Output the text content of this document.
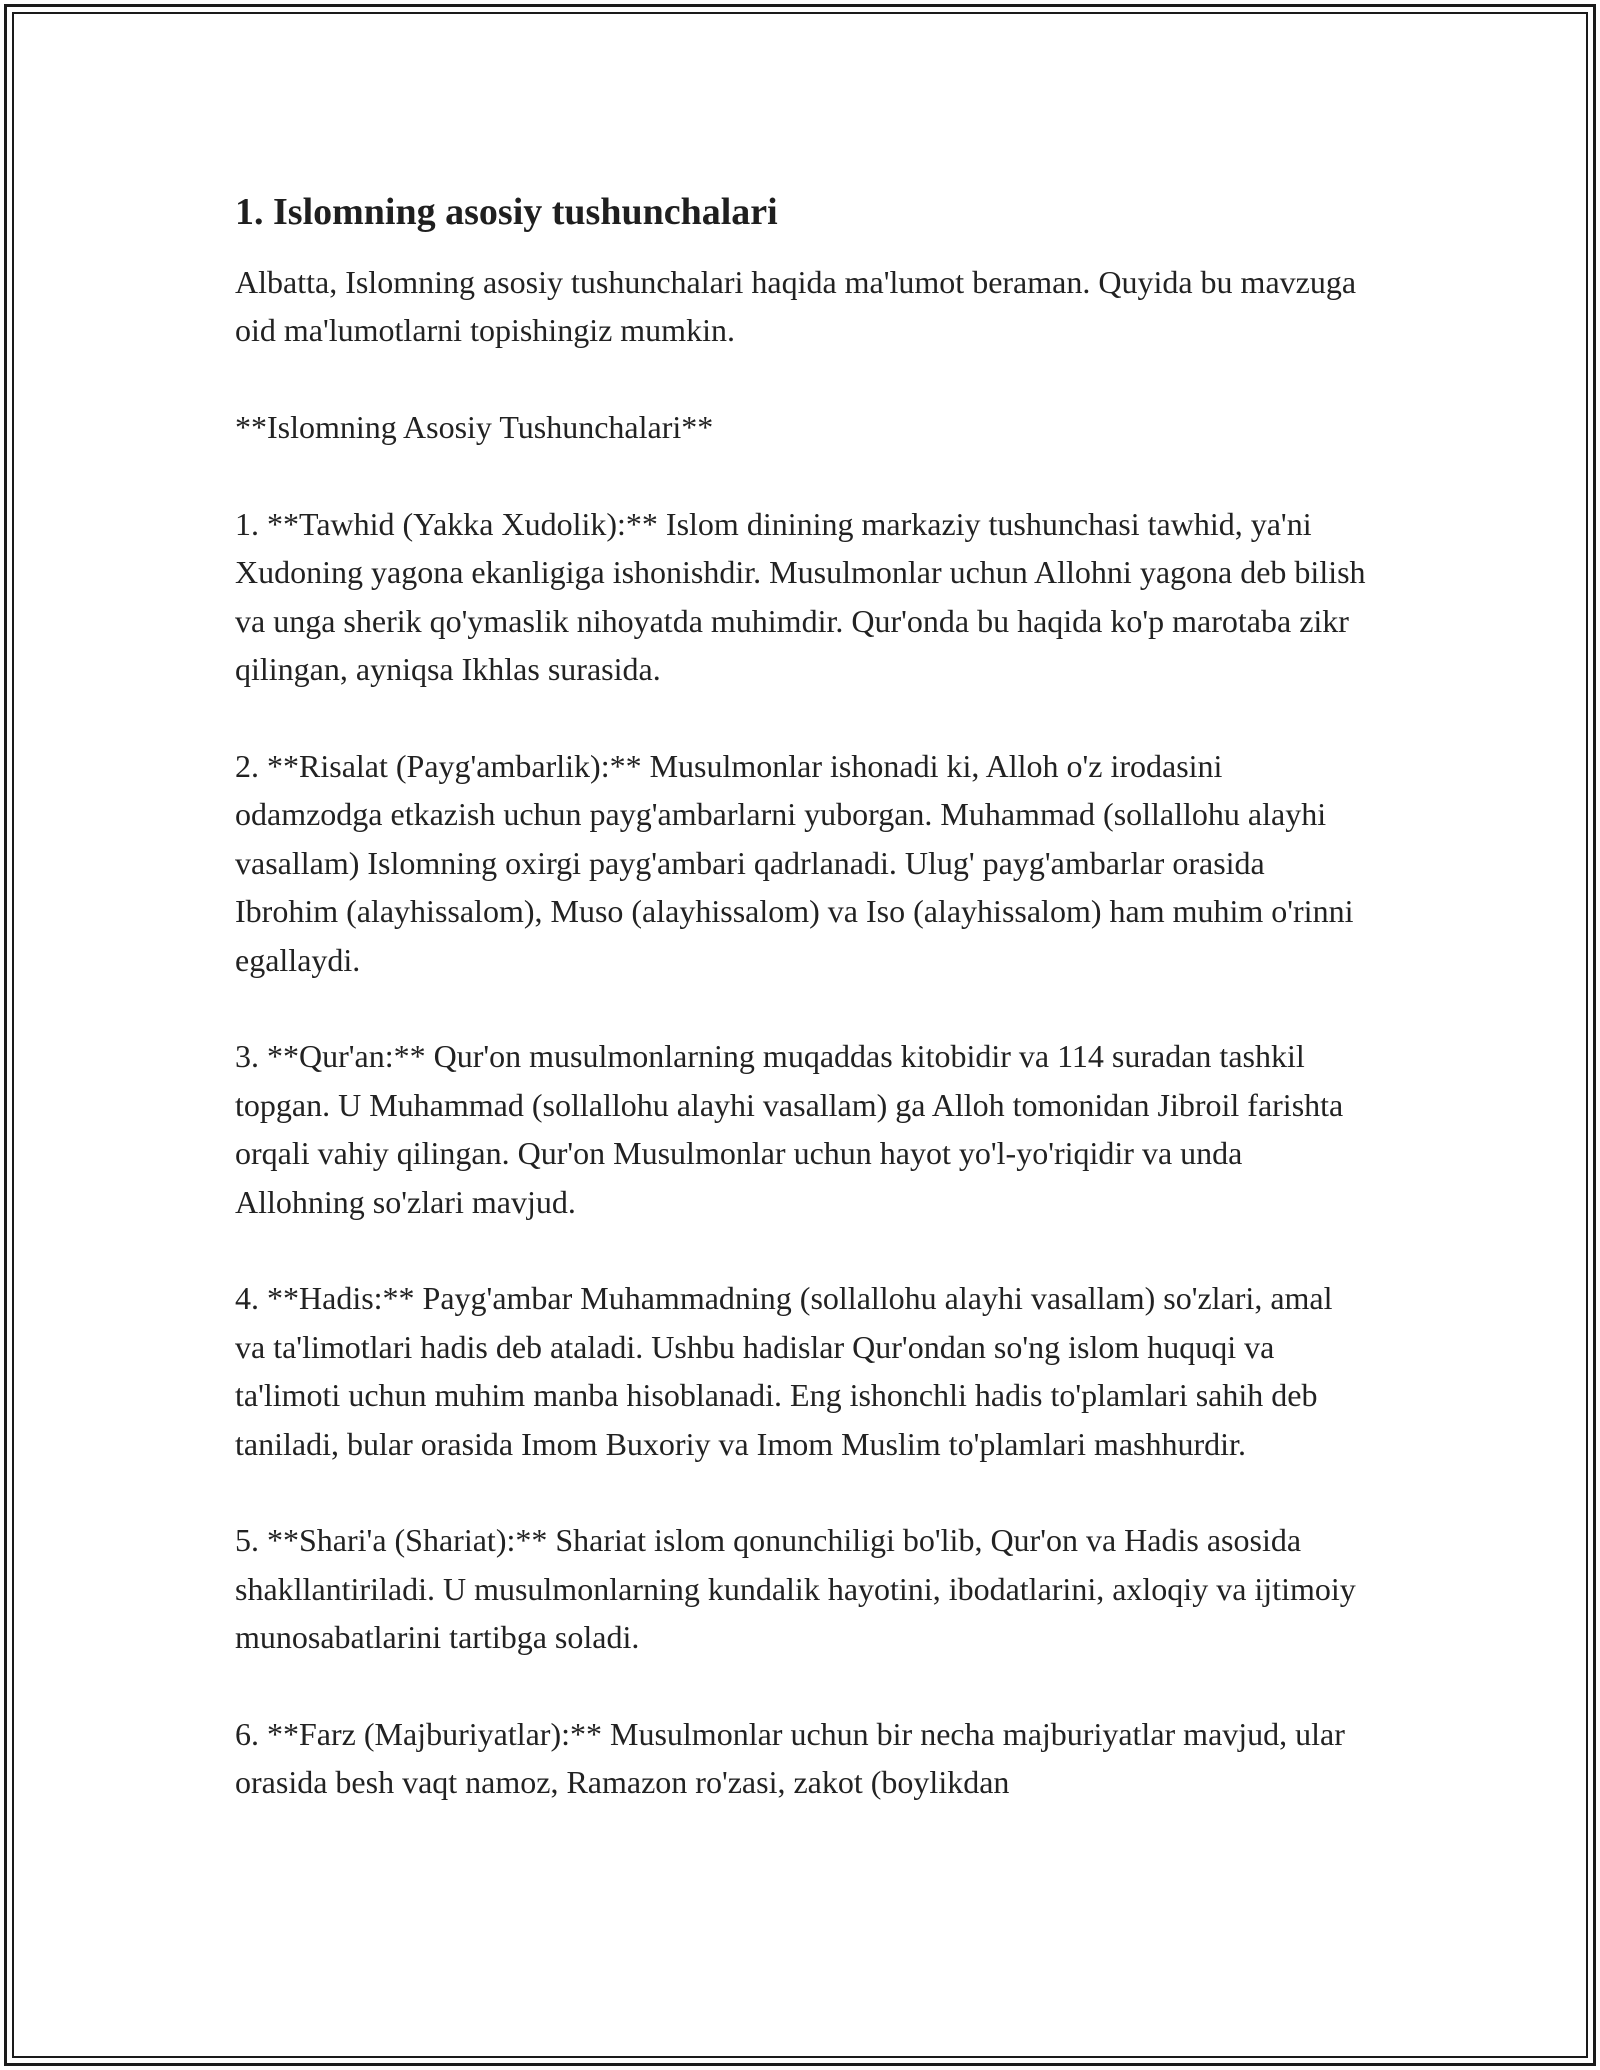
1. Islomning asosiy tushunchalari

Albatta, Islomning asosiy tushunchalari haqida ma'lumot beraman. Quyida bu mavzuga oid ma'lumotlarni topishingiz mumkin.

**Islomning Asosiy Tushunchalari**

1. **Tawhid (Yakka Xudolik):** Islom dinining markaziy tushunchasi tawhid, ya'ni Xudoning yagona ekanligiga ishonishdir. Musulmonlar uchun Allohni yagona deb bilish va unga sherik qo'ymaslik nihoyatda muhimdir. Qur'onda bu haqida ko'p marotaba zikr qilingan, ayniqsa Ikhlas surasida.

2. **Risalat (Payg'ambarlik):** Musulmonlar ishonadi ki, Alloh o'z irodasini odamzodga etkazish uchun payg'ambarlarni yuborgan. Muhammad (sollallohu alayhi vasallam) Islomning oxirgi payg'ambari qadrlanadi. Ulug' payg'ambarlar orasida Ibrohim (alayhissalom), Muso (alayhissalom) va Iso (alayhissalom) ham muhim o'rinni egallaydi.

3. **Qur'an:** Qur'on musulmonlarning muqaddas kitobidir va 114 suradan tashkil topgan. U Muhammad (sollallohu alayhi vasallam) ga Alloh tomonidan Jibroil farishta orqali vahiy qilingan. Qur'on Musulmonlar uchun hayot yo'l-yo'riqidir va unda Allohning so'zlari mavjud.

4. **Hadis:** Payg'ambar Muhammadning (sollallohu alayhi vasallam) so'zlari, amal va ta'limotlari hadis deb ataladi. Ushbu hadislar Qur'ondan so'ng islom huquqi va ta'limoti uchun muhim manba hisoblanadi. Eng ishonchli hadis to'plamlari sahih deb taniladi, bular orasida Imom Buxoriy va Imom Muslim to'plamlari mashhurdir.

5. **Shari'a (Shariat):** Shariat islom qonunchiligi bo'lib, Qur'on va Hadis asosida shakllantiriladi. U musulmonlarning kundalik hayotini, ibodatlarini, axloqiy va ijtimoiy munosabatlarini tartibga soladi.

6. **Farz (Majburiyatlar):** Musulmonlar uchun bir necha majburiyatlar mavjud, ular orasida besh vaqt namoz, Ramazon ro'zasi, zakot (boylikdan
